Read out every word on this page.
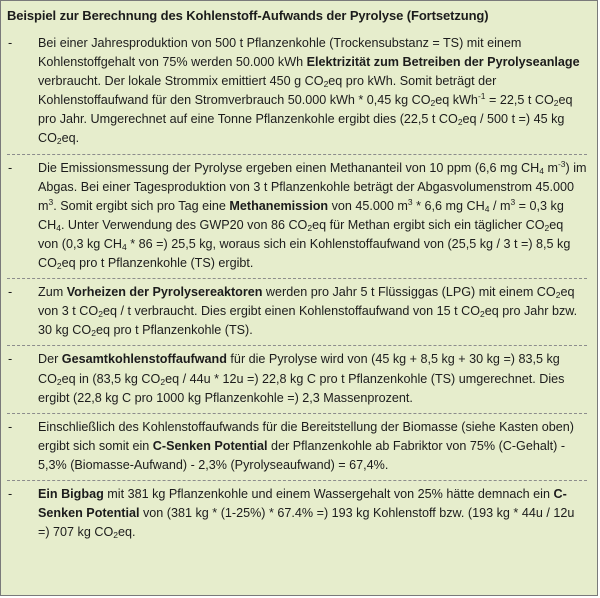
Beispiel zur Berechnung des Kohlenstoff-Aufwands der Pyrolyse (Fortsetzung)
-	Bei einer Jahresproduktion von 500 t Pflanzenkohle (Trockensubstanz = TS) mit einem Kohlenstoffgehalt von 75% werden 50.000 kWh Elektrizität zum Betreiben der Pyrolyseanlage verbraucht. Der lokale Strommix emittiert 450 g $CO_2eq$ pro kWh. Somit beträgt der Kohlenstoffaufwand für den Stromverbrauch 50.000 kWh * 0,45 kg $CO_2eq$ kWh$^{-1}$ = 22,5 t $CO_2eq$ pro Jahr. Umgerechnet auf eine Tonne Pflanzenkohle ergibt dies (22,5 t $CO_2eq / 500$ t =) 45 kg $CO_2eq$.
-	Die Emissionsmessung der Pyrolyse ergeben einen Methananteil von 10 ppm (6,6 mg $CH_4$ $m^{-3}$) im Abgas. Bei einer Tagesproduktion von 3 t Pflanzenkohle beträgt der Abgasvolumenstrom 45.000 $m^3$. Somit ergibt sich pro Tag eine Methanemission von 45.000 $m^3 * 6,6$ mg $CH_4 / m^3 = 0,3$ kg $CH_4$. Unter Verwendung des GWP20 von 86 $CO_2eq$ für Methan ergibt sich ein täglicher $CO_2eq$ von (0,3 kg $CH_4 * 86$ =) 25,5 kg, woraus sich ein Kohlenstoffaufwand von (25,5 kg / 3 t =) 8,5 kg $CO_2eq$ pro t Pflanzenkohle (TS) ergibt.
-	Zum Vorheizen der Pyrolysereaktoren werden pro Jahr 5 t Flüssiggas (LPG) mit einem $CO_2eq$ von 3 t $CO_2eq$ / t verbraucht. Dies ergibt einen Kohlenstoffaufwand von 15 t $CO_2eq$ pro Jahr bzw. 30 kg $CO_2eq$ pro t Pflanzenkohle (TS).
-	Der Gesamtkohlenstoffaufwand für die Pyrolyse wird von (45 kg + 8,5 kg + 30 kg =) 83,5 kg $CO_2eq$ in (83,5 kg $CO_2eq / 44u * 12u$ =) 22,8 kg C pro t Pflanzenkohle (TS) umgerechnet. Dies ergibt (22,8 kg C pro 1000 kg Pflanzenkohle =) 2,3 Massenprozent.
-	Einschließlich des Kohlenstoffaufwands für die Bereitstellung der Biomasse (siehe Kasten oben) ergibt sich somit ein C-Senken Potential der Pflanzenkohle ab Fabriktor von 75% (C-Gehalt) - 5,3% (Biomasse-Aufwand) - 2,3% (Pyrolyseaufwand) = 67,4%.
-	Ein Bigbag mit 381 kg Pflanzenkohle und einem Wassergehalt von 25% hätte demnach ein C-Senken Potential von (381 kg * (1-25%) * 67.4% =) 193 kg Kohlenstoff bzw. (193 kg * 44u / 12u =) 707 kg $CO_2eq$.
